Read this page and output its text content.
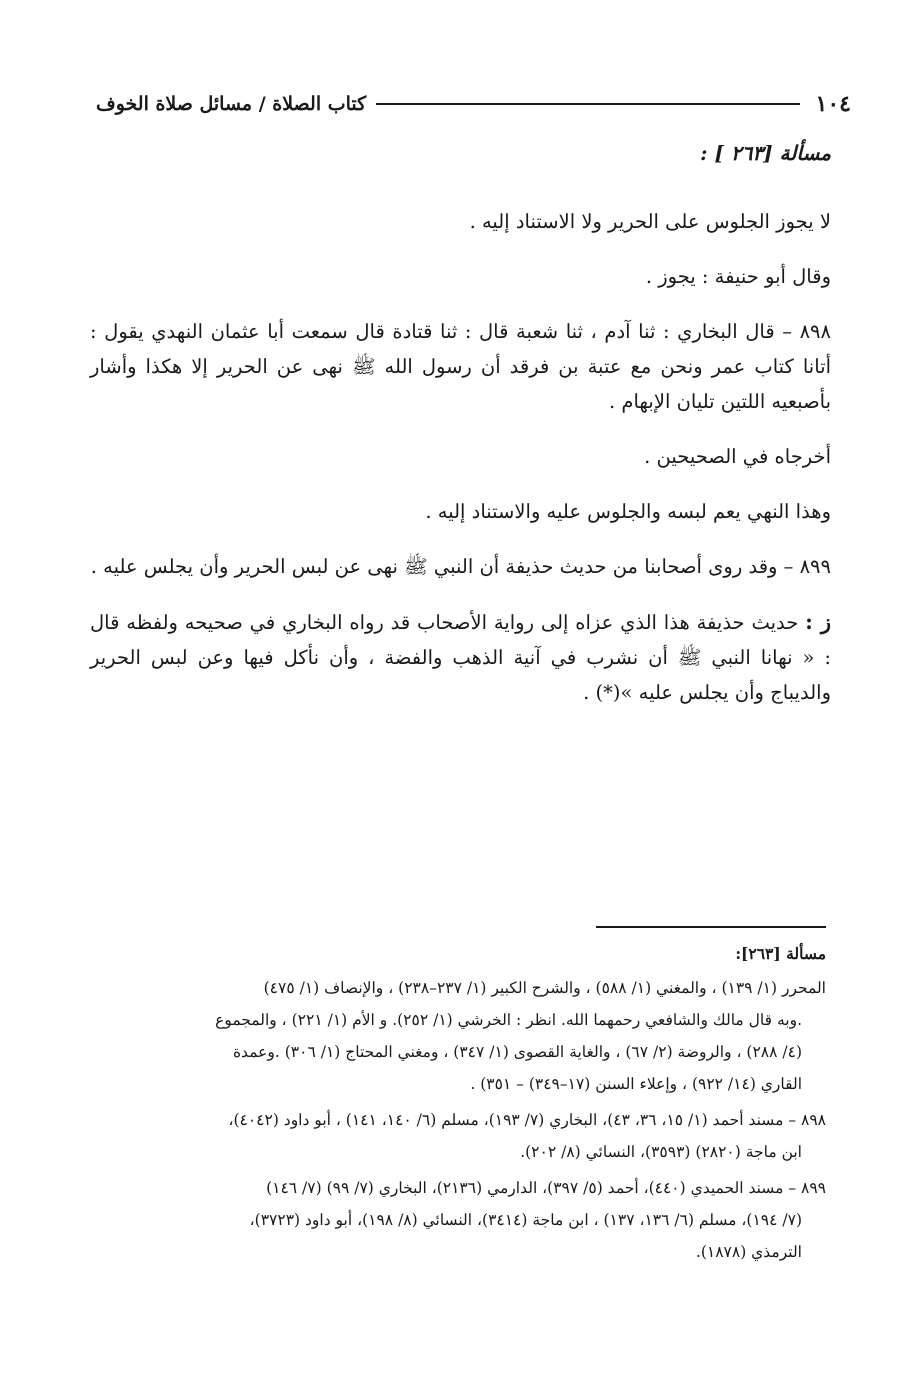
١٠٤
كتاب الصلاة / مسائل صلاة الخوف

مسألة [٢٦٣ ] :

لا يجوز الجلوس على الحرير ولا الاستناد إليه .

وقال أبو حنيفة : يجوز .

٨٩٨ – قال البخاري : ثنا آدم ، ثنا شعبة قال : ثنا قتادة قال سمعت أبا عثمان النهدي يقول : أتانا كتاب عمر ونحن مع عتبة بن فرقد أن رسول الله ﷺ نهى عن الحرير إلا هكذا وأشار بأصبعيه اللتين تليان الإبهام .

أخرجاه في الصحيحين .

وهذا النهي يعم لبسه والجلوس عليه والاستناد إليه .

٨٩٩ – وقد روى أصحابنا من حديث حذيفة أن النبي ﷺ نهى عن لبس الحرير وأن يجلس عليه .

ز : حديث حذيفة هذا الذي عزاه إلى رواية الأصحاب قد رواه البخاري في صحيحه ولفظه قال : « نهانا النبي ﷺ أن نشرب في آنية الذهب والفضة ، وأن نأكل فيها وعن لبس الحرير والديباج وأن يجلس عليه »(*) .

مسألة [٢٦٣]:
المحرر (١/ ١٣٩) ، والمغني (١/ ٥٨٨) ، والشرح الكبير (١/ ٢٣٧–٢٣٨) ، والإنصاف (١/ ٤٧٥)
.وبه قال مالك والشافعي رحمهما الله. انظر : الخرشي (١/ ٢٥٢). و الأم (١/ ٢٢١) ، والمجموع
(٤/ ٢٨٨) ، والروضة (٢/ ٦٧) ، والغاية القصوى (١/ ٣٤٧) ، ومغني المحتاج (١/ ٣٠٦) .وعمدة
القاري (١٤/ ٩٢٢) ، وإعلاء السنن (١٧–٣٤٩) – ٣٥١) .
٨٩٨ – مسند أحمد (١/ ١٥، ٣٦، ٤٣)، البخاري (٧/ ١٩٣)، مسلم (٦/ ١٤٠، ١٤١) ، أبو داود (٤٠٤٢)،
ابن ماجة (٢٨٢٠) (٣٥٩٣)، النسائي (٨/ ٢٠٢).
٨٩٩ – مسند الحميدي (٤٤٠)، أحمد (٥/ ٣٩٧)، الدارمي (٢١٣٦)، البخاري (٧/ ٩٩) (٧/ ١٤٦)
(٧/ ١٩٤)، مسلم (٦/ ١٣٦، ١٣٧) ، ابن ماجة (٣٤١٤)، النسائي (٨/ ١٩٨)، أبو داود (٣٧٢٣)،
الترمذي (١٨٧٨).
